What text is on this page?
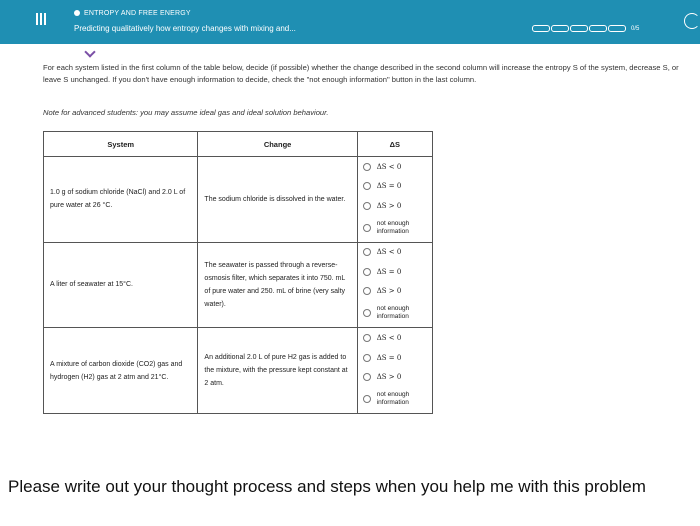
ENTROPY AND FREE ENERGY
Predicting qualitatively how entropy changes with mixing and...	0/5
For each system listed in the first column of the table below, decide (if possible) whether the change described in the second column will increase the entropy S of the system, decrease S, or leave S unchanged. If you don't have enough information to decide, check the "not enough information" button in the last column.
Note for advanced students: you may assume ideal gas and ideal solution behaviour.
System	Change	ΔS
1.0 g of sodium chloride (NaCl) and 2.0 L of pure water at 26 °C.	The sodium chloride is dissolved in the water.	ΔS < 0
ΔS = 0
ΔS > 0
not enough information

A liter of seawater at 15°C.	The seawater is passed through a reverse-osmosis filter, which separates it into 750. mL of pure water and 250. mL of brine (very salty water).	ΔS < 0
ΔS = 0
ΔS > 0
not enough information

A mixture of carbon dioxide (CO2) gas and hydrogen (H2) gas at 2 atm and 21°C.	An additional 2.0 L of pure H2 gas is added to the mixture, with the pressure kept constant at 2 atm.	ΔS < 0
ΔS = 0
ΔS > 0
not enough information
Please write out your thought process and steps when you help me with this problem
